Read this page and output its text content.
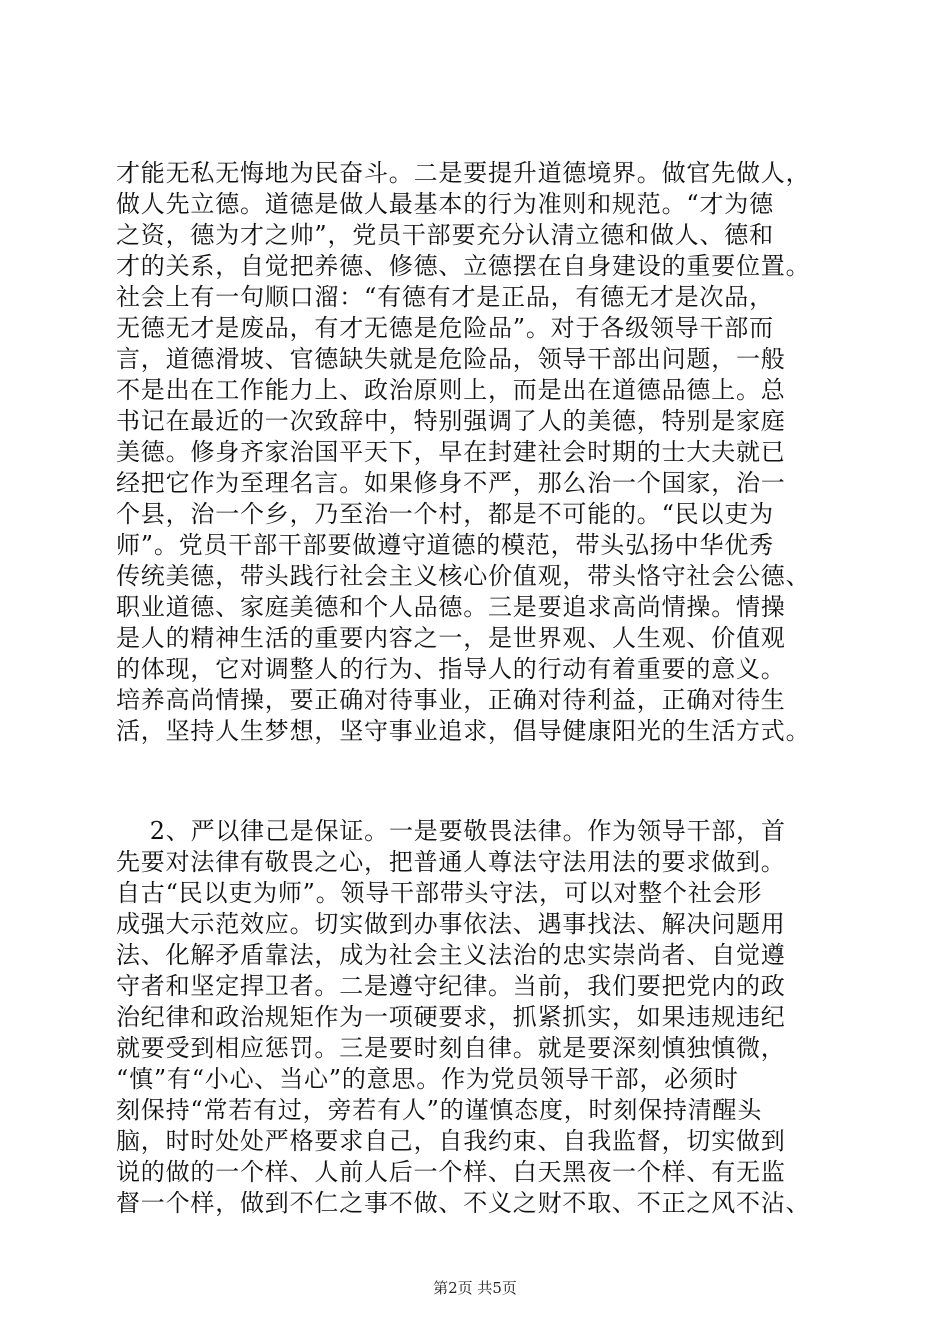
才能无私无悔地为民奋斗。二是要提升道德境界。做官先做人，
做人先立德。道德是做人最基本的行为准则和规范。“才为德
之资，德为才之帅”，党员干部要充分认清立德和做人、德和
才的关系，自觉把养德、修德、立德摆在自身建设的重要位置。
社会上有一句顺口溜：“有德有才是正品，有德无才是次品，
无德无才是废品，有才无德是危险品”。对于各级领导干部而
言，道德滑坡、官德缺失就是危险品，领导干部出问题，一般
不是出在工作能力上、政治原则上，而是出在道德品德上。总
书记在最近的一次致辞中，特别强调了人的美德，特别是家庭
美德。修身齐家治国平天下，早在封建社会时期的士大夫就已
经把它作为至理名言。如果修身不严，那么治一个国家，治一
个县，治一个乡，乃至治一个村，都是不可能的。“民以吏为
师”。党员干部干部要做遵守道德的模范，带头弘扬中华优秀
传统美德，带头践行社会主义核心价值观，带头恪守社会公德、
职业道德、家庭美德和个人品德。三是要追求高尚情操。情操
是人的精神生活的重要内容之一，是世界观、人生观、价值观
的体现，它对调整人的行为、指导人的行动有着重要的意义。
培养高尚情操，要正确对待事业，正确对待利益，正确对待生
活，坚持人生梦想，坚守事业追求，倡导健康阳光的生活方式。
2、严以律己是保证。一是要敬畏法律。作为领导干部，首
先要对法律有敬畏之心，把普通人尊法守法用法的要求做到。
自古“民以吏为师”。领导干部带头守法，可以对整个社会形
成强大示范效应。切实做到办事依法、遇事找法、解决问题用
法、化解矛盾靠法，成为社会主义法治的忠实崇尚者、自觉遵
守者和坚定捍卫者。二是遵守纪律。当前，我们要把党内的政
治纪律和政治规矩作为一项硬要求，抓紧抓实，如果违规违纪
就要受到相应惩罚。三是要时刻自律。就是要深刻慎独慎微，
“慎”有“小心、当心”的意思。作为党员领导干部，必须时
刻保持“常若有过，旁若有人”的谨慎态度，时刻保持清醒头
脑，时时处处严格要求自己，自我约束、自我监督，切实做到
说的做的一个样、人前人后一个样、白天黑夜一个样、有无监
督一个样，做到不仁之事不做、不义之财不取、不正之风不沾、
第2页 共5页
